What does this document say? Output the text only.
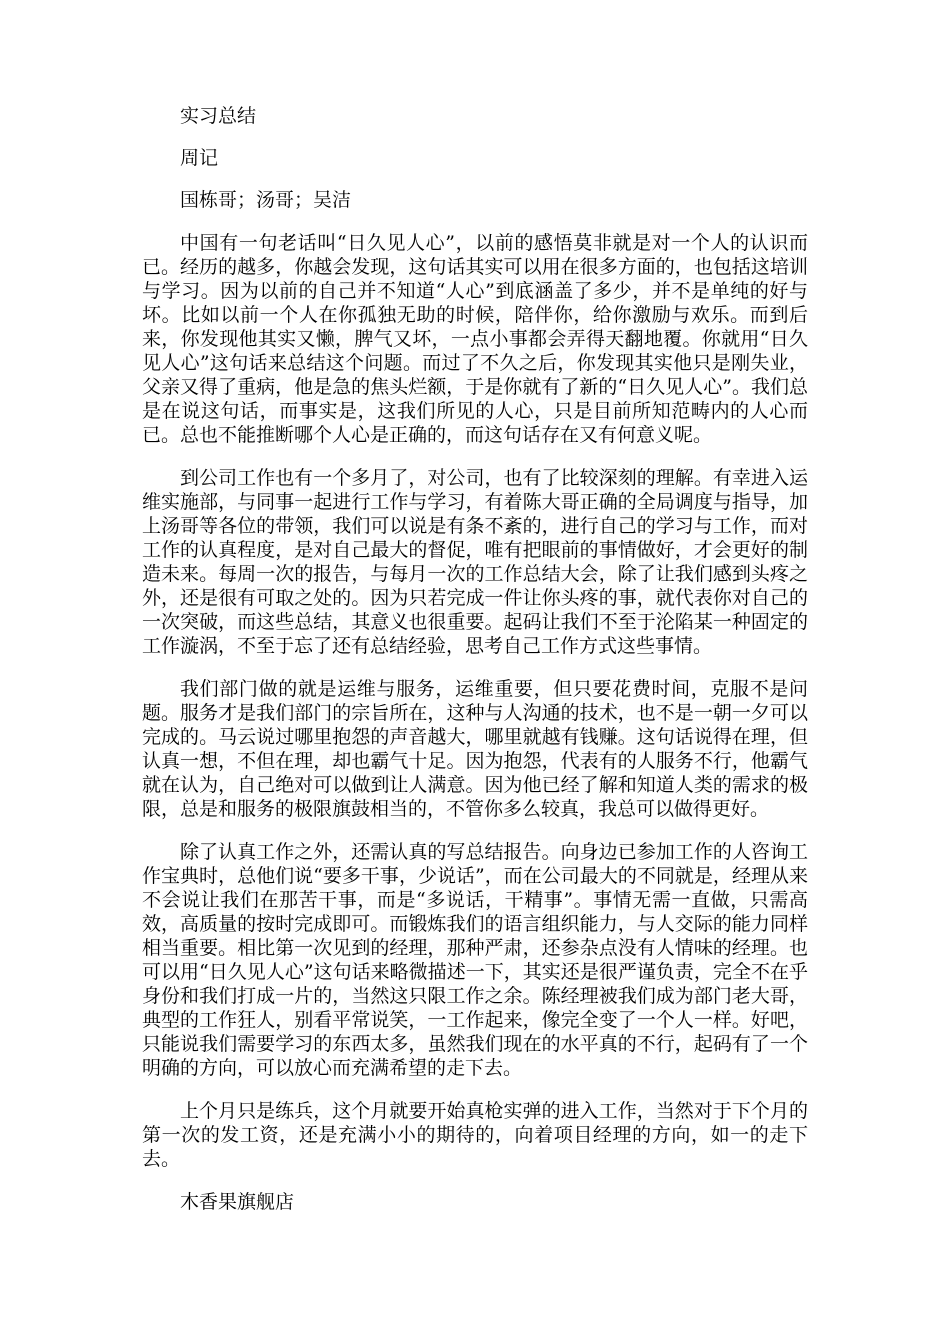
实习总结

周记

国栋哥；汤哥；吴洁

中国有一句老话叫“日久见人心”，以前的感悟莫非就是对一个人的认识而已。经历的越多，你越会发现，这句话其实可以用在很多方面的，也包括这培训与学习。因为以前的自己并不知道“人心”到底涵盖了多少，并不是单纯的好与坏。比如以前一个人在你孤独无助的时候，陪伴你，给你激励与欢乐。而到后来，你发现他其实又懒，脾气又坏，一点小事都会弄得天翻地覆。你就用“日久见人心”这句话来总结这个问题。而过了不久之后，你发现其实他只是刚失业，父亲又得了重病，他是急的焦头烂额，于是你就有了新的“日久见人心”。我们总是在说这句话，而事实是，这我们所见的人心，只是目前所知范畴内的人心而已。总也不能推断哪个人心是正确的，而这句话存在又有何意义呢。

到公司工作也有一个多月了，对公司，也有了比较深刻的理解。有幸进入运维实施部，与同事一起进行工作与学习，有着陈大哥正确的全局调度与指导，加上汤哥等各位的带领，我们可以说是有条不紊的，进行自己的学习与工作，而对工作的认真程度，是对自己最大的督促，唯有把眼前的事情做好，才会更好的制造未来。每周一次的报告，与每月一次的工作总结大会，除了让我们感到头疼之外，还是很有可取之处的。因为只若完成一件让你头疼的事，就代表你对自己的一次突破，而这些总结，其意义也很重要。起码让我们不至于沦陷某一种固定的工作漩涡，不至于忘了还有总结经验，思考自己工作方式这些事情。

我们部门做的就是运维与服务，运维重要，但只要花费时间，克服不是问题。服务才是我们部门的宗旨所在，这种与人沟通的技术，也不是一朝一夕可以完成的。马云说过哪里抱怨的声音越大，哪里就越有钱赚。这句话说得在理，但认真一想，不但在理，却也霸气十足。因为抱怨，代表有的人服务不行，他霸气就在认为，自己绝对可以做到让人满意。因为他已经了解和知道人类的需求的极限，总是和服务的极限旗鼓相当的，不管你多么较真，我总可以做得更好。

除了认真工作之外，还需认真的写总结报告。向身边已参加工作的人咨询工作宝典时，总他们说“要多干事，少说话”，而在公司最大的不同就是，经理从来不会说让我们在那苦干事，而是“多说话，干精事”。事情无需一直做，只需高效，高质量的按时完成即可。而锻炼我们的语言组织能力，与人交际的能力同样相当重要。相比第一次见到的经理，那种严肃，还参杂点没有人情味的经理。也可以用“日久见人心”这句话来略微描述一下，其实还是很严谨负责，完全不在乎身份和我们打成一片的，当然这只限工作之余。陈经理被我们成为部门老大哥，典型的工作狂人，别看平常说笑，一工作起来，像完全变了一个人一样。好吧，只能说我们需要学习的东西太多，虽然我们现在的水平真的不行，起码有了一个明确的方向，可以放心而充满希望的走下去。

上个月只是练兵，这个月就要开始真枪实弹的进入工作，当然对于下个月的第一次的发工资，还是充满小小的期待的，向着项目经理的方向，如一的走下去。

木香果旗舰店
